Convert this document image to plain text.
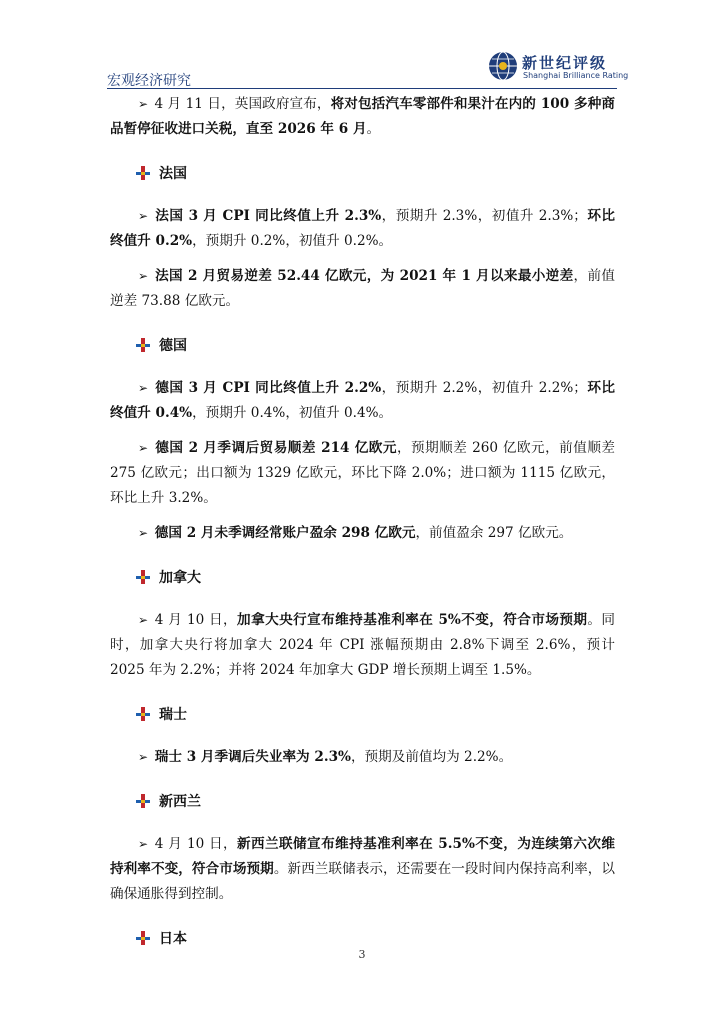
宏观经济研究
新世纪评级
Shanghai Brilliance Rating

➢ 4 月 11 日，英国政府宣布，将对包括汽车零部件和果汁在内的 100 多种商品暂停征收进口关税，直至 2026 年 6 月。

法国

➢ 法国 3 月 CPI 同比终值上升 2.3%，预期升 2.3%，初值升 2.3%；环比终值升 0.2%，预期升 0.2%，初值升 0.2%。

➢ 法国 2 月贸易逆差 52.44 亿欧元，为 2021 年 1 月以来最小逆差，前值逆差 73.88 亿欧元。

德国

➢ 德国 3 月 CPI 同比终值上升 2.2%，预期升 2.2%，初值升 2.2%；环比终值升 0.4%，预期升 0.4%，初值升 0.4%。

➢ 德国 2 月季调后贸易顺差 214 亿欧元，预期顺差 260 亿欧元，前值顺差 275 亿欧元；出口额为 1329 亿欧元，环比下降 2.0%；进口额为 1115 亿欧元，环比上升 3.2%。

➢ 德国 2 月未季调经常账户盈余 298 亿欧元，前值盈余 297 亿欧元。

加拿大

➢ 4 月 10 日，加拿大央行宣布维持基准利率在 5%不变，符合市场预期。同时，加拿大央行将加拿大 2024 年 CPI 涨幅预期由 2.8%下调至 2.6%，预计 2025 年为 2.2%；并将 2024 年加拿大 GDP 增长预期上调至 1.5%。

瑞士

➢ 瑞士 3 月季调后失业率为 2.3%，预期及前值均为 2.2%。

新西兰

➢ 4 月 10 日，新西兰联储宣布维持基准利率在 5.5%不变，为连续第六次维持利率不变，符合市场预期。新西兰联储表示，还需要在一段时间内保持高利率，以确保通胀得到控制。

日本
3
